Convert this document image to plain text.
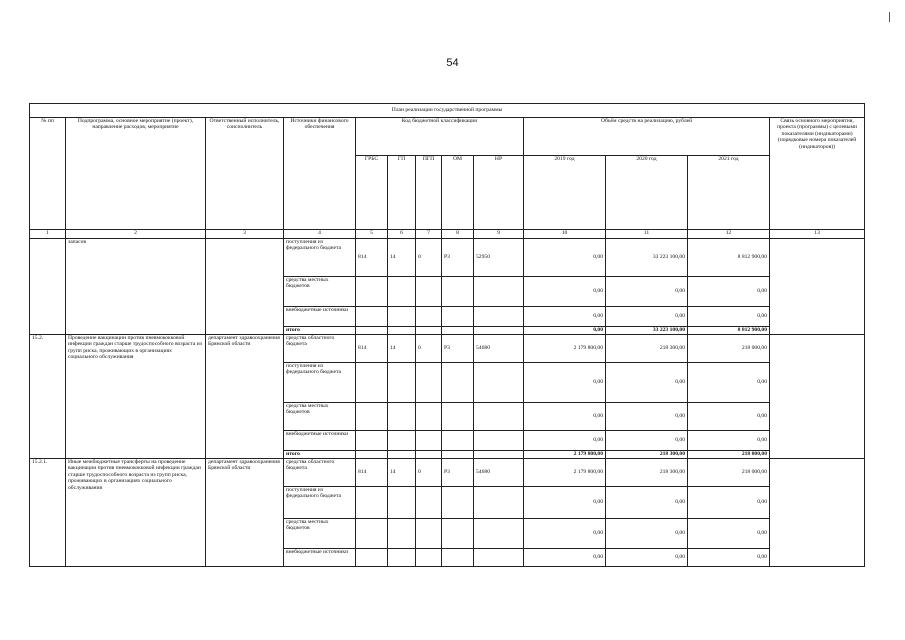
54
План реализации государственной программы												
№ пп	Подпрограмма, основное мероприятие (проект), направление расходов, мероприятие	Ответственный исполнитель, соисполнитель	Источники финансового обеспечения	Код бюджетной классификации					Объём средств на реализацию, рублей			Связь основного мероприятия, проекта (программы) с целевыми показателями (индикаторами) (порядковые номера показателей (индикаторов))
				ГРБС	ГП	ПГП	ОМ	НР	2019 год	2020 год	2021 год	
1	2	3	4	5	6	7	8	9	10	11	12	13
	запасов		поступления из федерального бюджета	814	14	0	Р3	52950	0,00	33 223 100,00	8 812 900,00	
			средства местных бюджетов						0,00	0,00	0,00	
			внебюджетные источники						0,00	0,00	0,00	
			итого						0,00	33 223 100,00	8 812 900,00	
15.2.	Проведение вакцинации против пневмококковой инфекции граждан старше трудоспособного возраста из групп риска, проживающих в организациях социального обслуживания	департамент здравоохранения Брянской области	средства областного бюджета	814	14	0	Р3	54680	2 179 800,00	218 300,00	218 000,00	
			поступления из федерального бюджета						0,00	0,00	0,00	
			средства местных бюджетов						0,00	0,00	0,00	
			внебюджетные источники						0,00	0,00	0,00	
			итого						2 179 800,00	218 300,00	218 000,00	
15.2.1.	Иные межбюджетные трансферты на проведение вакцинации против пневмококковой инфекции граждан старше трудоспособного возраста из групп риска, проживающих в организациях социального обслуживания	департамент здравоохранения Брянской области	средства областного бюджета	814	14	0	Р3	54680	2 179 800,00	218 300,00	218 000,00	
			поступления из федерального бюджета						0,00	0,00	0,00	
			средства местных бюджетов						0,00	0,00	0,00	
			внебюджетные источники						0,00	0,00	0,00	
